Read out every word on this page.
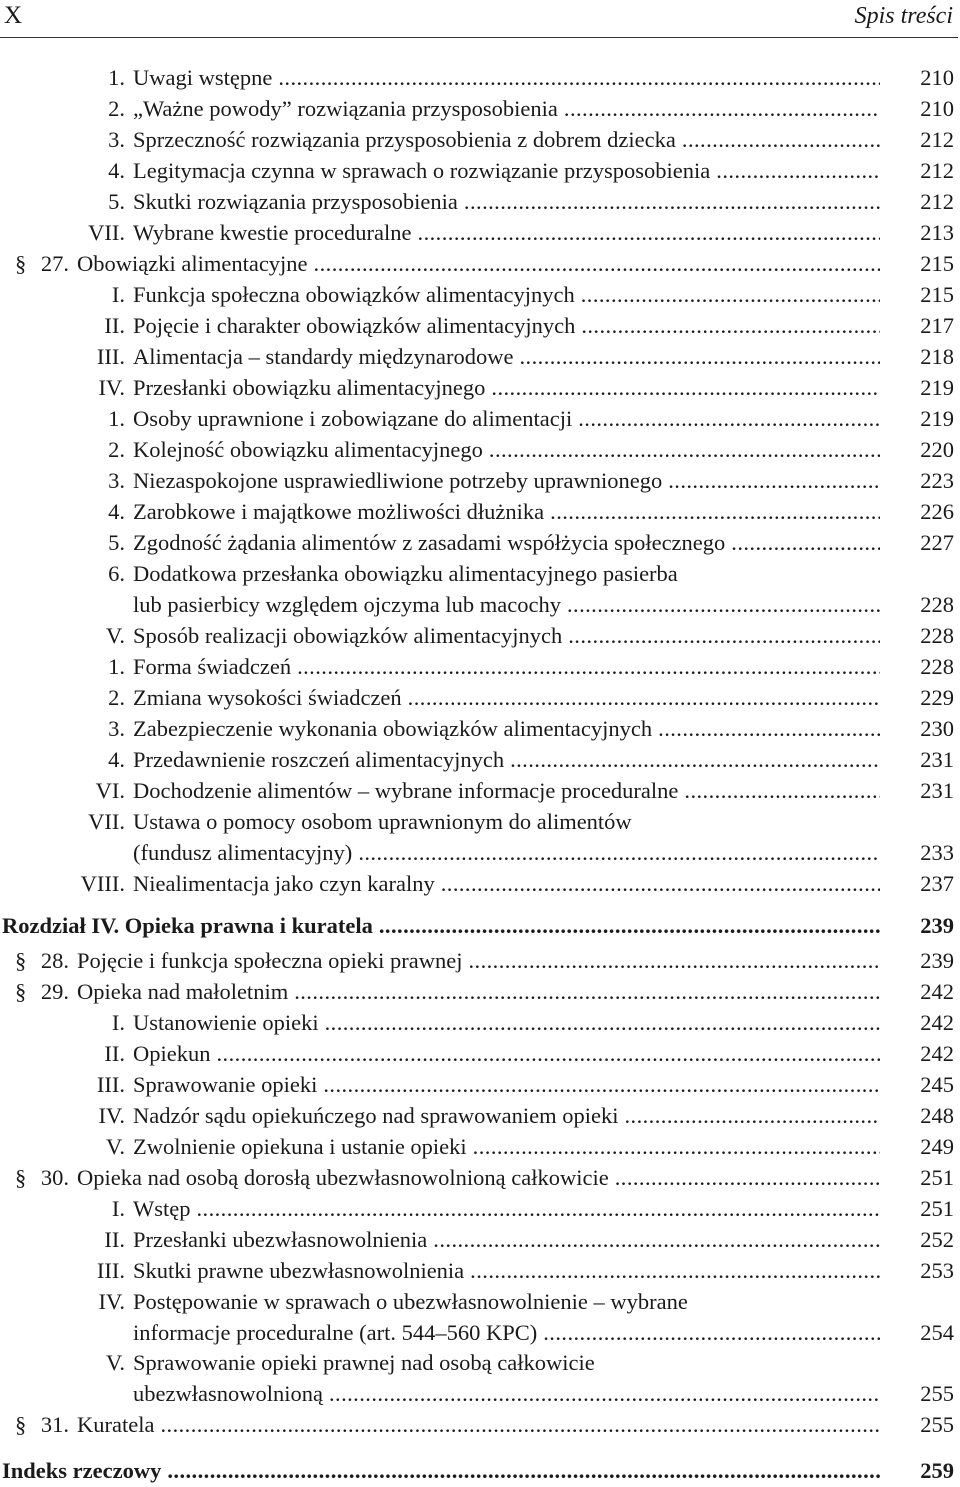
X	Spis treści
1. Uwagi wstępne . . .	210
2. „Ważne powody” rozwiązania przysposobienia . . .	210
3. Sprzeczność rozwiązania przysposobienia z dobrem dziecka . . .	212
4. Legitymacja czynna w sprawach o rozwiązanie przysposobienia . . .	212
5. Skutki rozwiązania przysposobienia . . .	212
VII. Wybrane kwestie proceduralne . . .	213
§ 27. Obowiązki alimentacyjne . . .	215
I. Funkcja społeczna obowiązków alimentacyjnych . . .	215
II. Pojęcie i charakter obowiązków alimentacyjnych . . .	217
III. Alimentacja – standardy międzynarodowe . . .	218
IV. Przesłanki obowiązku alimentacyjnego . . .	219
1. Osoby uprawnione i zobowiązane do alimentacji . . .	219
2. Kolejność obowiązku alimentacyjnego . . .	220
3. Niezaspokojone usprawiedliwione potrzeby uprawnionego . . .	223
4. Zarobkowe i majątkowe możliwości dłużnika . . .	226
5. Zgodność żądania alimentów z zasadami współżycia społecznego . . .	227
6. Dodatkowa przesłanka obowiązku alimentacyjnego pasierba
lub pasierbicy względem ojczyma lub macochy . . .	228
V. Sposób realizacji obowiązków alimentacyjnych . . .	228
1. Forma świadczeń . . .	228
2. Zmiana wysokości świadczeń . . .	229
3. Zabezpieczenie wykonania obowiązków alimentacyjnych . . .	230
4. Przedawnienie roszczeń alimentacyjnych . . .	231
VI. Dochodzenie alimentów – wybrane informacje proceduralne . . .	231
VII. Ustawa o pomocy osobom uprawnionym do alimentów
(fundusz alimentacyjny) . . .	233
VIII. Niealimentacja jako czyn karalny . . .	237
Rozdział IV. Opieka prawna i kuratela . . .	239
§ 28. Pojęcie i funkcja społeczna opieki prawnej . . .	239
§ 29. Opieka nad małoletnim . . .	242
I. Ustanowienie opieki . . .	242
II. Opiekun . . .	242
III. Sprawowanie opieki . . .	245
IV. Nadzór sądu opiekuńczego nad sprawowaniem opieki . . .	248
V. Zwolnienie opiekuna i ustanie opieki . . .	249
§ 30. Opieka nad osobą dorosłą ubezwłasnowolnioną całkowicie . . .	251
I. Wstęp . . .	251
II. Przesłanki ubezwłasnowolnienia . . .	252
III. Skutki prawne ubezwłasnowolnienia . . .	253
IV. Postępowanie w sprawach o ubezwłasnowolnienie – wybrane
informacje proceduralne (art. 544–560 KPC) . . .	254
V. Sprawowanie opieki prawnej nad osobą całkowicie
ubezwłasnowolnioną . . .	255
§ 31. Kuratela . . .	255
Indeks rzeczowy . . .	259
